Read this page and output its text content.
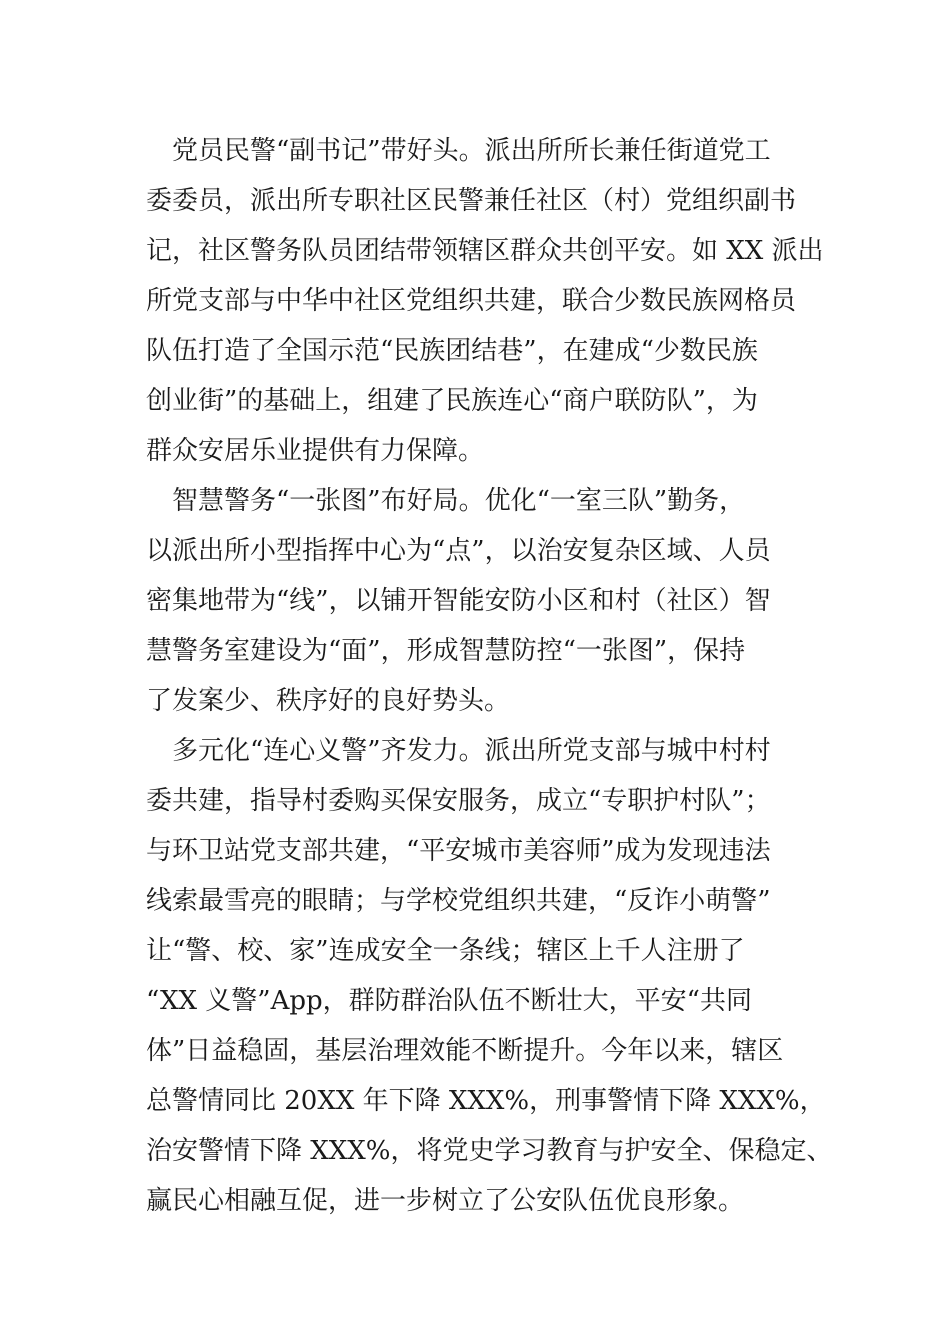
　党员民警“副书记”带好头。派出所所长兼任街道党工
委委员，派出所专职社区民警兼任社区（村）党组织副书
记，社区警务队员团结带领辖区群众共创平安。如 XX 派出
所党支部与中华中社区党组织共建，联合少数民族网格员
队伍打造了全国示范“民族团结巷”，在建成“少数民族
创业街”的基础上，组建了民族连心“商户联防队”，为
群众安居乐业提供有力保障。
　智慧警务“一张图”布好局。优化“一室三队”勤务，
以派出所小型指挥中心为“点”，以治安复杂区域、人员
密集地带为“线”，以铺开智能安防小区和村（社区）智
慧警务室建设为“面”，形成智慧防控“一张图”，保持
了发案少、秩序好的良好势头。
　多元化“连心义警”齐发力。派出所党支部与城中村村
委共建，指导村委购买保安服务，成立“专职护村队”；
与环卫站党支部共建，“平安城市美容师”成为发现违法
线索最雪亮的眼睛；与学校党组织共建，“反诈小萌警”
让“警、校、家”连成安全一条线；辖区上千人注册了
“XX 义警”App，群防群治队伍不断壮大，平安“共同
体”日益稳固，基层治理效能不断提升。今年以来，辖区
总警情同比 20XX 年下降 XXX%，刑事警情下降 XXX%，
治安警情下降 XXX%，将党史学习教育与护安全、保稳定、
赢民心相融互促，进一步树立了公安队伍优良形象。
